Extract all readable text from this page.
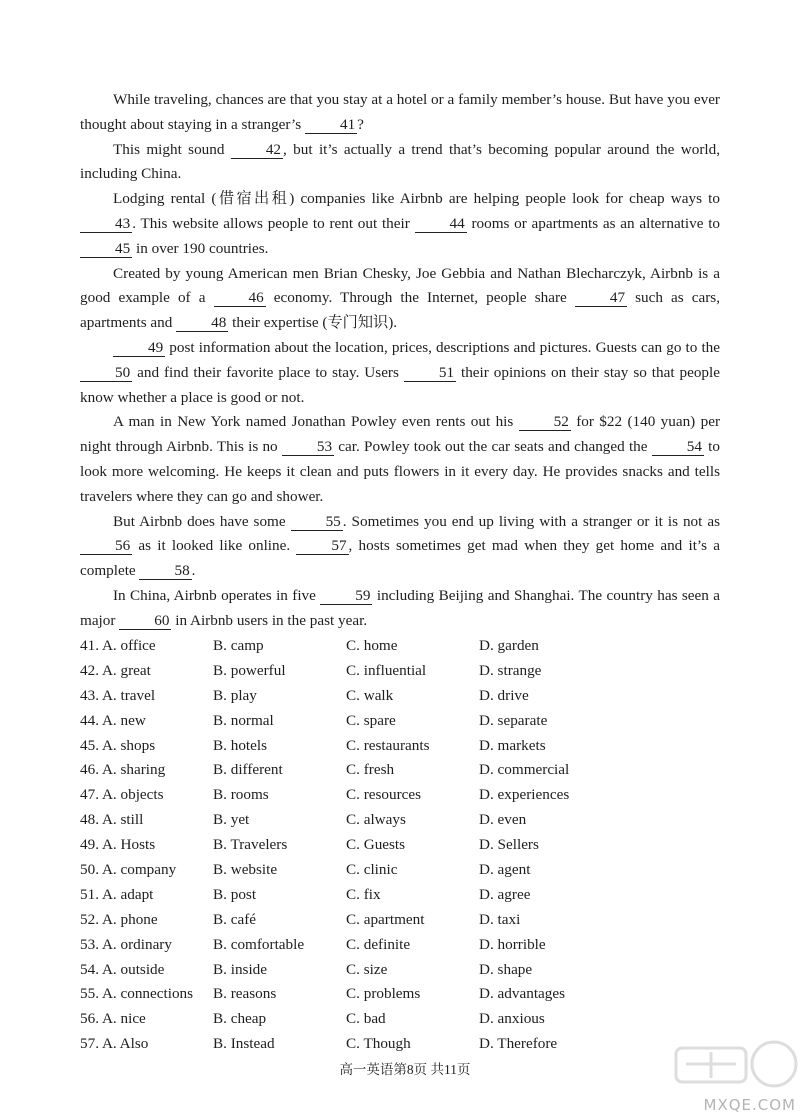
While traveling, chances are that you stay at a hotel or a family member’s house. But have you ever thought about staying in a stranger’s 41 ?

This might sound 42 , but it’s actually a trend that’s becoming popular around the world, including China.

Lodging rental (借宿出租) companies like Airbnb are helping people look for cheap ways to 43 . This website allows people to rent out their 44 rooms or apartments as an alternative to 45 in over 190 countries.

Created by young American men Brian Chesky, Joe Gebbia and Nathan Blecharczyk, Airbnb is a good example of a 46 economy. Through the Internet, people share 47 such as cars, apartments and 48 their expertise (专门知识).

49 post information about the location, prices, descriptions and pictures. Guests can go to the 50 and find their favorite place to stay. Users 51 their opinions on their stay so that people know whether a place is good or not.

A man in New York named Jonathan Powley even rents out his 52 for $22 (140 yuan) per night through Airbnb. This is no 53 car. Powley took out the car seats and changed the 54 to look more welcoming. He keeps it clean and puts flowers in it every day. He provides snacks and tells travelers where they can go and shower.

But Airbnb does have some 55 . Sometimes you end up living with a stranger or it is not as 56 as it looked like online. 57 , hosts sometimes get mad when they get home and it’s a complete 58 .

In China, Airbnb operates in five 59 including Beijing and Shanghai. The country has seen a major 60 in Airbnb users in the past year.

41. A. office	B. camp	C. home	D. garden
42. A. great	B. powerful	C. influential	D. strange
43. A. travel	B. play	C. walk	D. drive
44. A. new	B. normal	C. spare	D. separate
45. A. shops	B. hotels	C. restaurants	D. markets
46. A. sharing	B. different	C. fresh	D. commercial
47. A. objects	B. rooms	C. resources	D. experiences
48. A. still	B. yet	C. always	D. even
49. A. Hosts	B. Travelers	C. Guests	D. Sellers
50. A. company B. website	C. clinic	D. agent
51. A. adapt	B. post	C. fix	D. agree
52. A. phone	B. café	C. apartment	D. taxi
53. A. ordinary	B. comfortable	C. definite	D. horrible
54. A. outside	B. inside	C. size	D. shape
55. A. connections B. reasons	C. problems	D. advantages
56. A. nice	B. cheap	C. bad	D. anxious
57. A. Also	B. Instead	C. Though	D. Therefore
高一英语第8页 共11页
MXQE.COM
